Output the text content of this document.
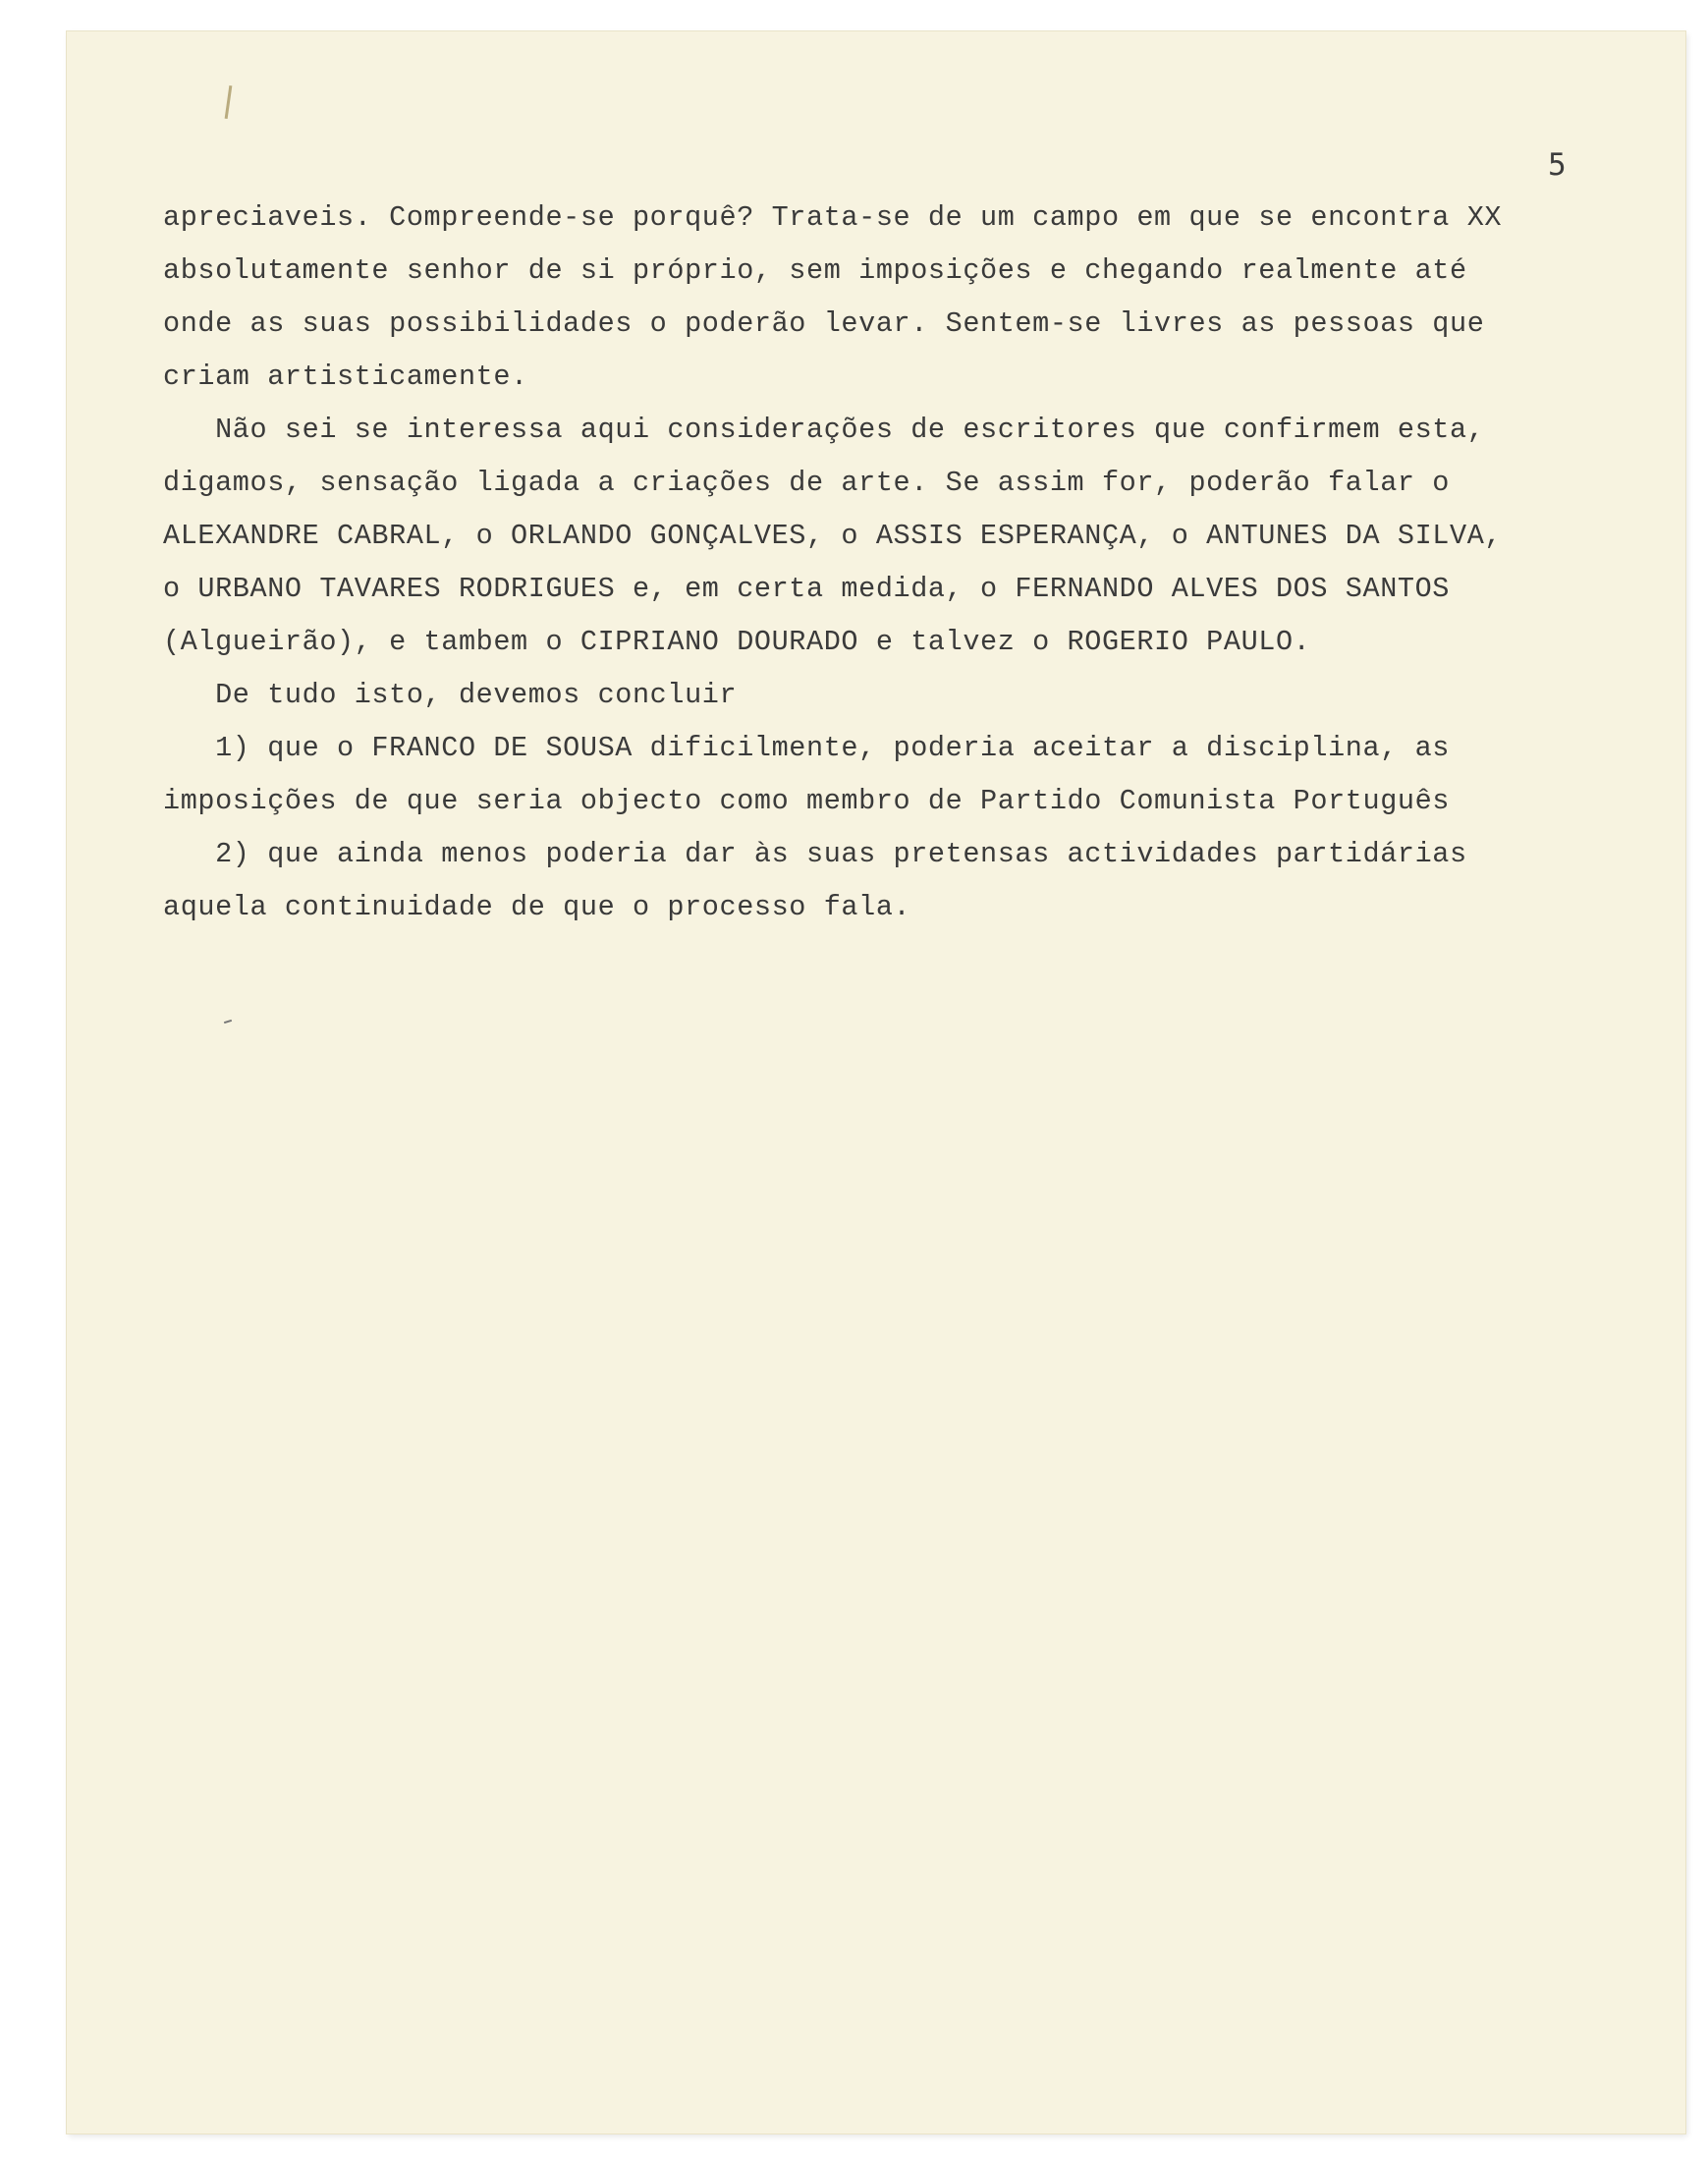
5
apreciaveis. Compreende-se porquê? Trata-se de um campo em que se encontra XX
absolutamente senhor de si próprio, sem imposições e chegando realmente até
onde as suas possibilidades o poderão levar. Sentem-se livres as pessoas que
criam artisticamente.
Não sei se interessa aqui considerações de escritores que confirmem esta,
digamos, sensação ligada a criações de arte. Se assim for, poderão falar o
ALEXANDRE CABRAL, o ORLANDO GONÇALVES, o ASSIS ESPERANÇA, o ANTUNES DA SILVA,
o URBANO TAVARES RODRIGUES e, em certa medida, o FERNANDO ALVES DOS SANTOS
(Algueirão), e tambem o CIPRIANO DOURADO e talvez o ROGERIO PAULO.
De tudo isto, devemos concluir
1) que o FRANCO DE SOUSA dificilmente, poderia aceitar a disciplina, as
imposições de que seria objecto como membro de Partido Comunista Português
2) que ainda menos poderia dar às suas pretensas actividades partidárias
aquela continuidade de que o processo fala.
